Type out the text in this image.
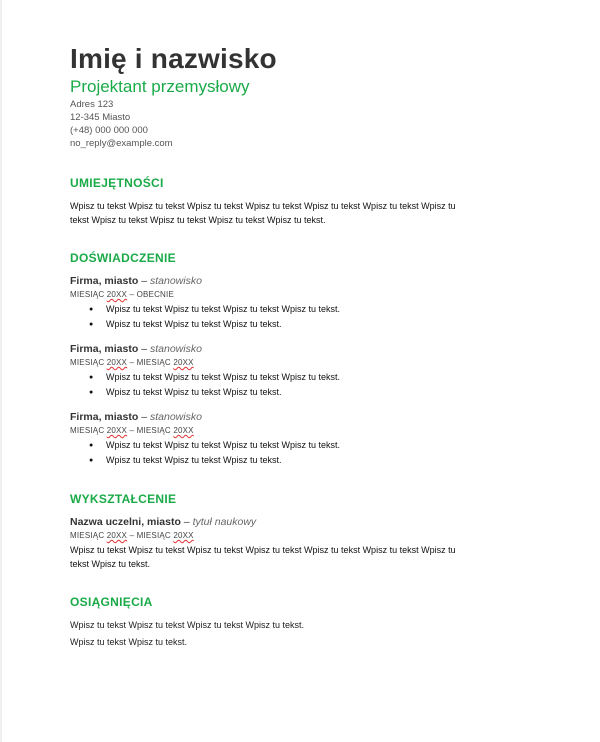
Imię i nazwisko
Projektant przemysłowy
Adres 123
12-345 Miasto
(+48) 000 000 000
no_reply@example.com
UMIEJĘTNOŚCI
Wpisz tu tekst Wpisz tu tekst Wpisz tu tekst Wpisz tu tekst Wpisz tu tekst Wpisz tu tekst Wpisz tu tekst Wpisz tu tekst Wpisz tu tekst Wpisz tu tekst Wpisz tu tekst.
DOŚWIADCZENIE
Firma, miasto – stanowisko
MIESIĄC 20XX – OBECNIE
● Wpisz tu tekst Wpisz tu tekst Wpisz tu tekst Wpisz tu tekst.
● Wpisz tu tekst Wpisz tu tekst Wpisz tu tekst.
Firma, miasto – stanowisko
MIESIĄC 20XX – MIESIĄC 20XX
● Wpisz tu tekst Wpisz tu tekst Wpisz tu tekst Wpisz tu tekst.
● Wpisz tu tekst Wpisz tu tekst Wpisz tu tekst.
Firma, miasto – stanowisko
MIESIĄC 20XX – MIESIĄC 20XX
● Wpisz tu tekst Wpisz tu tekst Wpisz tu tekst Wpisz tu tekst.
● Wpisz tu tekst Wpisz tu tekst Wpisz tu tekst.
WYKSZTAŁCENIE
Nazwa uczelni, miasto – tytuł naukowy
MIESIĄC 20XX – MIESIĄC 20XX
Wpisz tu tekst Wpisz tu tekst Wpisz tu tekst Wpisz tu tekst Wpisz tu tekst Wpisz tu tekst Wpisz tu tekst Wpisz tu tekst.
OSIĄGNIĘCIA

Wpisz tu tekst Wpisz tu tekst Wpisz tu tekst Wpisz tu tekst.

Wpisz tu tekst Wpisz tu tekst.
